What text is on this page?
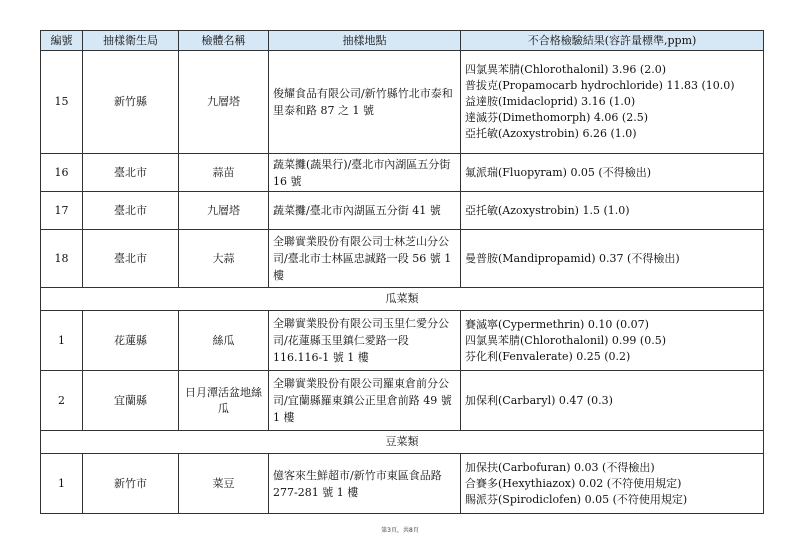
編號	抽樣衛生局	檢體名稱	抽樣地點	不合格檢驗結果(容許量標準,ppm)
15	新竹縣	九層塔	俊耀食品有限公司/新竹縣竹北市泰和里泰和路 87 之 1 號	四氯異苯腈(Chlorothalonil) 3.96 (2.0)
普拔克(Propamocarb hydrochloride) 11.83 (10.0)
益達胺(Imidacloprid) 3.16 (1.0)
達滅芬(Dimethomorph) 4.06 (2.5)
亞托敏(Azoxystrobin) 6.26 (1.0)

16	臺北市	蒜苗	蔬菜攤(蔬果行)/臺北市內湖區五分街 16 號	氟派瑞(Fluopyram) 0.05 (不得檢出)

17	臺北市	九層塔	蔬菜攤/臺北市內湖區五分街 41 號	亞托敏(Azoxystrobin) 1.5 (1.0)

18	臺北市	大蒜	全聯實業股份有限公司士林芝山分公司/臺北市士林區忠誠路一段 56 號 1 樓	曼普胺(Mandipropamid) 0.37 (不得檢出)

瓜菜類				
1	花蓮縣	絲瓜	全聯實業股份有限公司玉里仁愛分公司/花蓮縣玉里鎮仁愛路一段 116.116-1 號 1 樓	賽滅寧(Cypermethrin) 0.10 (0.07)
四氯異苯腈(Chlorothalonil) 0.99 (0.5)
芬化利(Fenvalerate) 0.25 (0.2)

2	宜蘭縣	日月潭活盆地絲瓜	全聯實業股份有限公司羅東倉前分公司/宜蘭縣羅東鎮公正里倉前路 49 號 1 樓	加保利(Carbaryl) 0.47 (0.3)

豆菜類				
1	新竹市	菜豆	億客來生鮮超市/新竹市東區食品路 277-281 號 1 樓	加保扶(Carbofuran) 0.03 (不得檢出)
合賽多(Hexythiazox) 0.02 (不符使用規定)
賜派芬(Spirodiclofen) 0.05 (不符使用規定)
第3頁，共8頁
